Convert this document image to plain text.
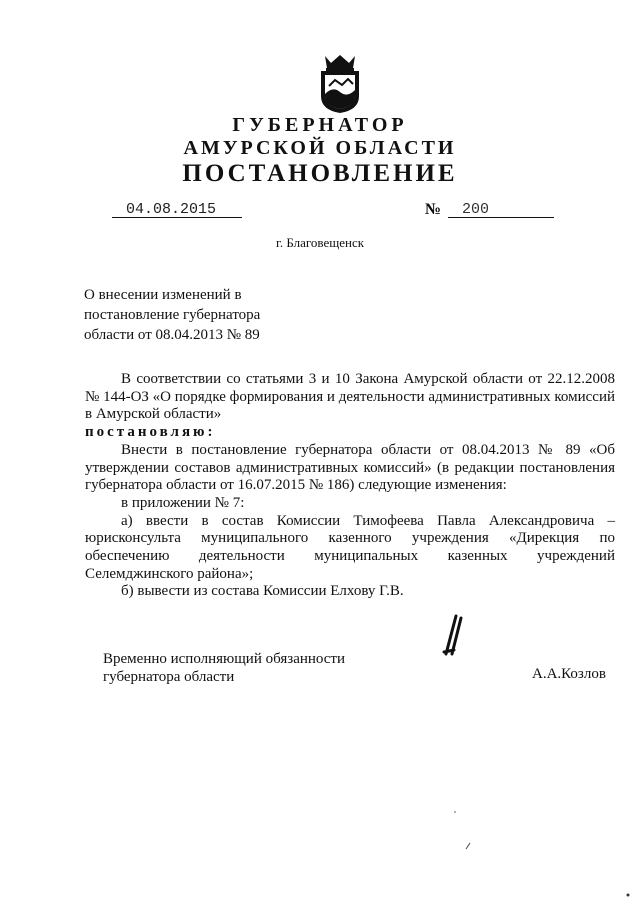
ГУБЕРНАТОР
АМУРСКОЙ ОБЛАСТИ
ПОСТАНОВЛЕНИЕ
04.08.2015	№	200
г. Благовещенск
О внесении изменений в постановление губернатора области от 08.04.2013 № 89

В соответствии со статьями 3 и 10 Закона Амурской области от 22.12.2008 № 144-ОЗ «О порядке формирования и деятельности административных комиссий в Амурской области»

постановляю:

Внести в постановление губернатора области от 08.04.2013 № 89 «Об утверждении составов административных комиссий» (в редакции постановления губернатора области от 16.07.2015 № 186) следующие изменения:

в приложении № 7:

а) ввести в состав Комиссии Тимофеева Павла Александровича – юрисконсульта муниципального казенного учреждения «Дирекция по обеспечению деятельности муниципальных казенных учреждений Селемджинского района»;

б) вывести из состава Комиссии Елхову Г.В.

Временно исполняющий обязанности
губернатора области	А.А.Козлов
